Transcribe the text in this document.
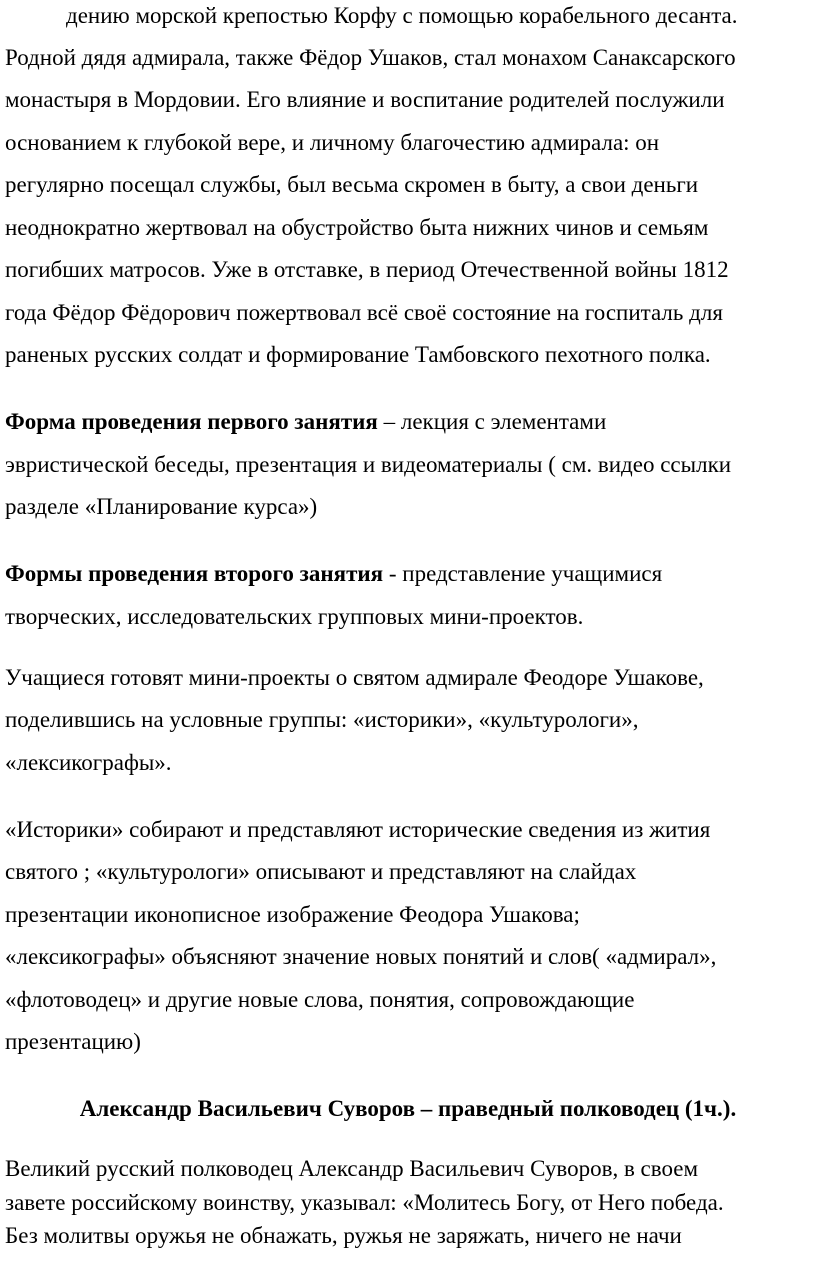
дению морской крепостью Корфу с помощью корабельного десанта.
Родной дядя адмирала, также Фёдор Ушаков, стал монахом Санаксарского
монастыря в Мордовии. Его влияние и воспитание родителей послужили
основанием к глубокой вере, и личному благочестию адмирала: он
регулярно посещал службы, был весьма скромен в быту, а свои деньги
неоднократно жертвовал на обустройство быта нижних чинов и семьям
погибших матросов. Уже в отставке, в период Отечественной войны 1812
года Фёдор Фёдорович пожертвовал всё своё состояние на госпиталь для
раненых русских солдат и формирование Тамбовского пехотного полка.
Форма проведения первого занятия – лекция с элементами
эвристической беседы, презентация и видеоматериалы ( см. видео ссылки
разделе «Планирование курса»)
Формы проведения второго занятия - представление учащимися
творческих, исследовательских групповых мини-проектов.
Учащиеся готовят мини-проекты о святом адмирале Феодоре Ушакове,
поделившись на условные группы: «историки», «культурологи»,
«лексикографы».
«Историки» собирают и представляют исторические сведения из жития
святого ; «культурологи» описывают и представляют на слайдах
презентации иконописное изображение Феодора Ушакова;
«лексикографы» объясняют значение новых понятий и слов( «адмирал»,
«флотоводец» и другие новые слова, понятия, сопровождающие
презентацию)
Александр Васильевич Суворов – праведный полководец (1ч.).
Великий русский полководец Александр Васильевич Суворов, в своем
завете российскому воинству, указывал: «Молитесь Богу, от Него победа.
Без молитвы оружья не обнажать, ружья не заряжать, ничего не начи
